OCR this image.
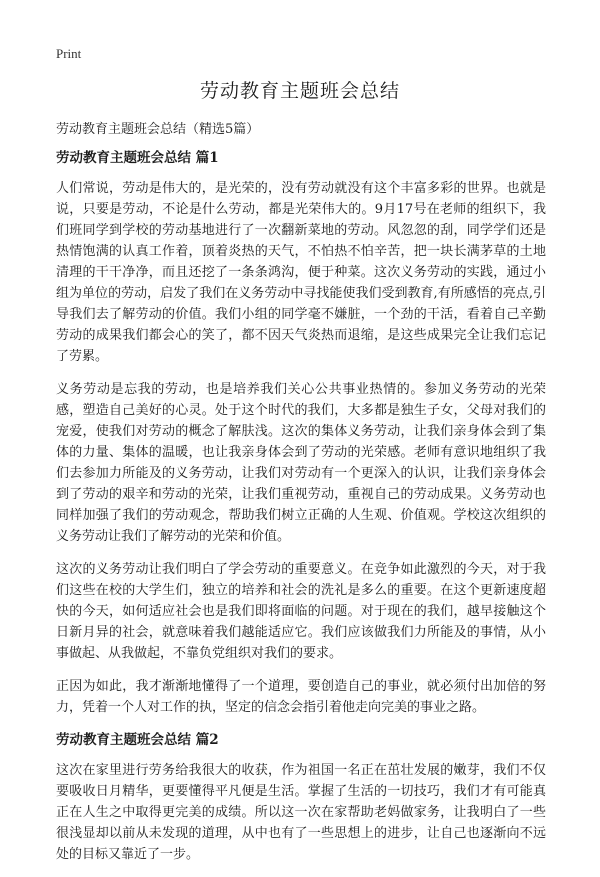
Print
劳动教育主题班会总结

劳动教育主题班会总结（精选5篇）

劳动教育主题班会总结 篇1

人们常说，劳动是伟大的，是光荣的，没有劳动就没有这个丰富多彩的世界。也就是说，只要是劳动，不论是什么劳动，都是光荣伟大的。9月17号在老师的组织下，我们班同学到学校的劳动基地进行了一次翻新菜地的劳动。风忽忽的刮，同学学们还是热情饱满的认真工作着，顶着炎热的天气，不怕热不怕辛苦，把一块长满茅草的土地清理的干干净净，而且还挖了一条条鸿沟，便于种菜。这次义务劳动的实践，通过小组为单位的劳动，启发了我们在义务劳动中寻找能使我们受到教育,有所感悟的亮点,引导我们去了解劳动的价值。我们小组的同学毫不嫌脏，一个劲的干活，看着自己辛勤劳动的成果我们都会心的笑了，都不因天气炎热而退缩，是这些成果完全让我们忘记了劳累。

义务劳动是忘我的劳动，也是培养我们关心公共事业热情的。参加义务劳动的光荣感，塑造自己美好的心灵。处于这个时代的我们，大多都是独生子女，父母对我们的宠爱，使我们对劳动的概念了解肤浅。这次的集体义务劳动，让我们亲身体会到了集体的力量、集体的温暖，也让我亲身体会到了劳动的光荣感。老师有意识地组织了我们去参加力所能及的义务劳动，让我们对劳动有一个更深入的认识，让我们亲身体会到了劳动的艰辛和劳动的光荣，让我们重视劳动，重视自己的劳动成果。义务劳动也同样加强了我们的劳动观念，帮助我们树立正确的人生观、价值观。学校这次组织的义务劳动让我们了解劳动的光荣和价值。

这次的义务劳动让我们明白了学会劳动的重要意义。在竞争如此激烈的今天，对于我们这些在校的大学生们，独立的培养和社会的洗礼是多么的重要。在这个更新速度超快的今天，如何适应社会也是我们即将面临的问题。对于现在的我们，越早接触这个日新月异的社会，就意味着我们越能适应它。我们应该做我们力所能及的事情，从小事做起、从我做起，不靠负党组织对我们的要求。

正因为如此，我才渐渐地懂得了一个道理，要创造自己的事业，就必须付出加倍的努力，凭着一个人对工作的执，坚定的信念会指引着他走向完美的事业之路。

劳动教育主题班会总结 篇2

这次在家里进行劳务给我很大的收获，作为祖国一名正在茁壮发展的嫩芽，我们不仅要吸收日月精华，更要懂得平凡便是生活。掌握了生活的一切技巧，我们才有可能真正在人生之中取得更完美的成绩。所以这一次在家帮助老妈做家务，让我明白了一些很浅显却以前从未发现的道理，从中也有了一些思想上的进步，让自己也逐渐向不远处的目标又靠近了一步。
